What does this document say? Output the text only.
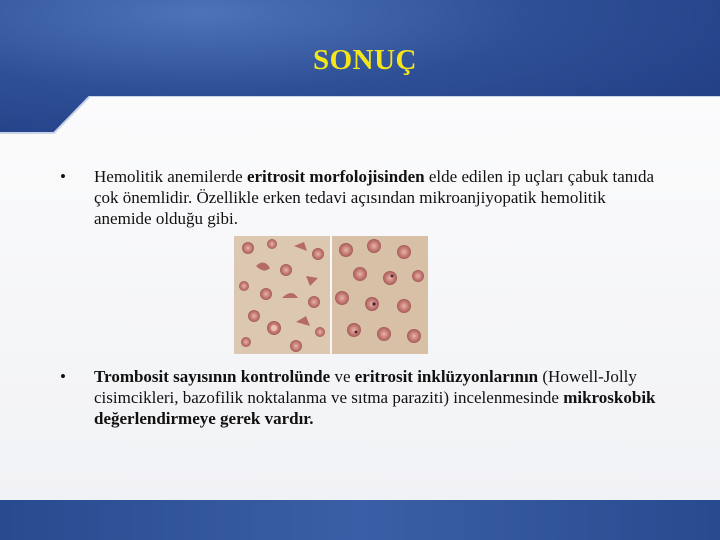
SONUÇ
• Hemolitik anemilerde eritrosit morfolojisinden elde edilen ip uçları çabuk tanıda çok önemlidir. Özellikle erken tedavi açısından mikroanjiyopatik hemolitik anemide olduğu gibi.
• Trombosit sayısının kontrolünde ve eritrosit inklüzyonlarının (Howell-Jolly cisimcikleri, bazofilik noktalanma ve sıtma paraziti) incelenmesinde mikroskobik değerlendirmeye gerek vardır.
